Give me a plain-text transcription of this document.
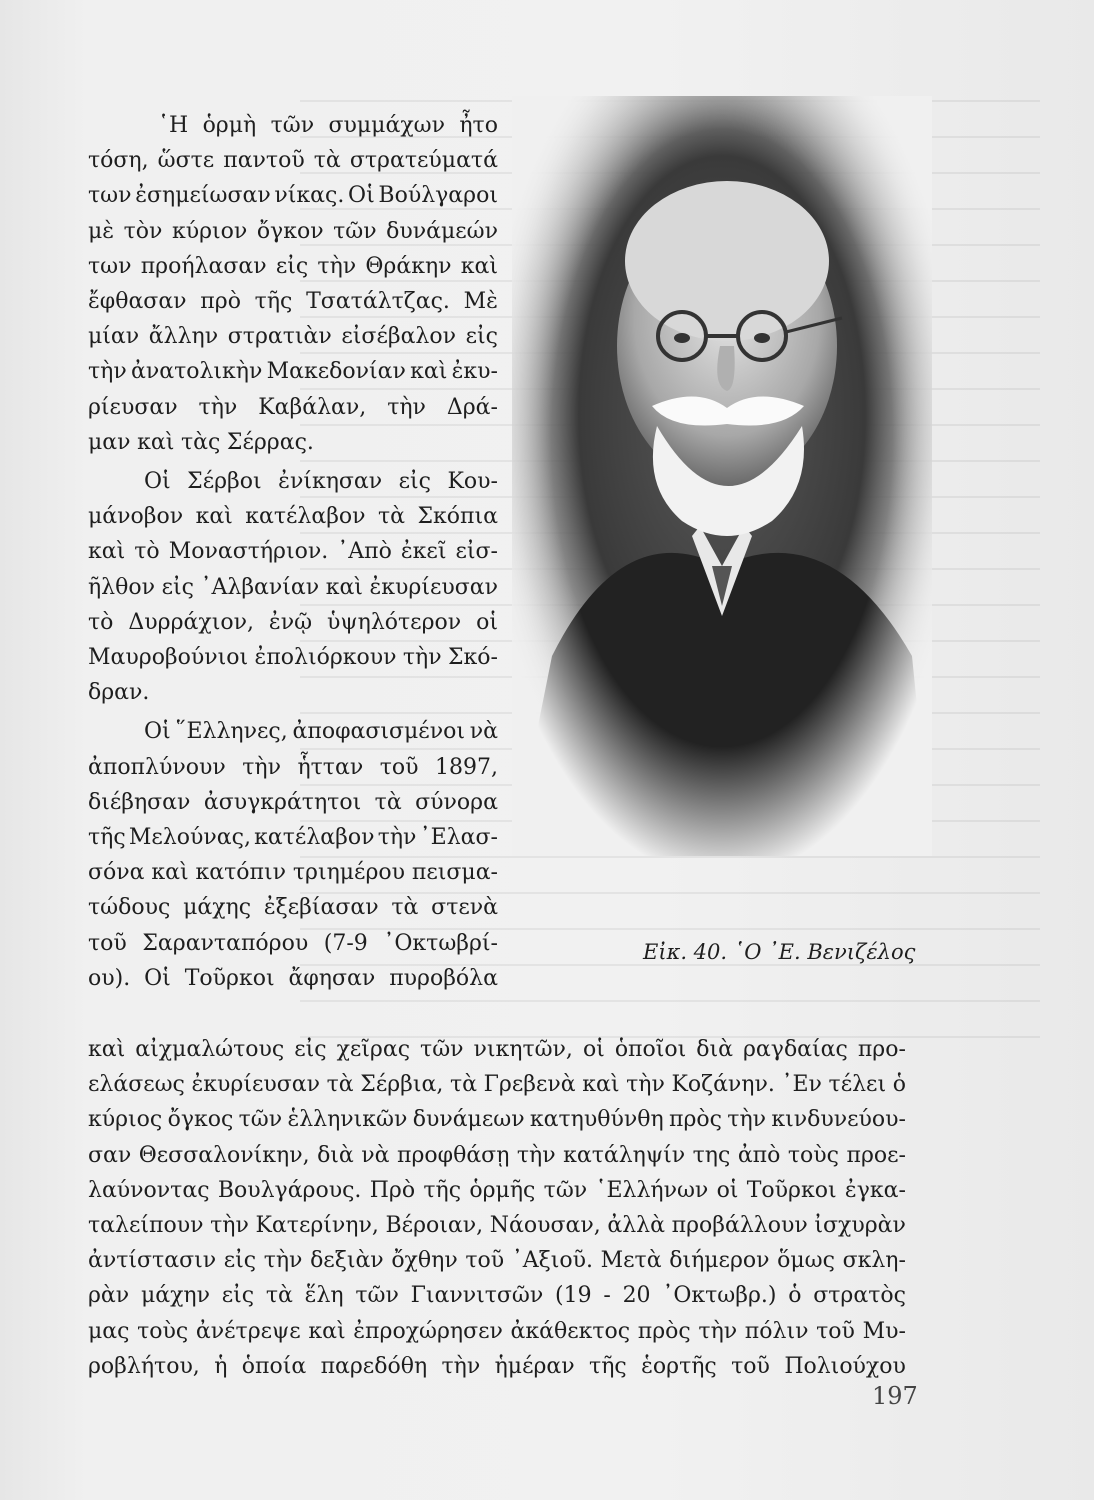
῾Η ὁρμὴ τῶν συμμάχων ἦτο
τόση, ὥστε παντοῦ τὰ στρατεύματά
των ἐσημείωσαν νίκας. Οἱ Βούλγαροι
μὲ τὸν κύριον ὄγκον τῶν δυνάμεών
των προήλασαν εἰς τὴν Θράκην καὶ
ἔφθασαν πρὸ τῆς Τσατάλτζας. Μὲ
μίαν ἄλλην στρατιὰν εἰσέβαλον εἰς
τὴν ἀνατολικὴν Μακεδονίαν καὶ ἐκυ-
ρίευσαν τὴν Καβάλαν, τὴν Δρά-
μαν καὶ τὰς Σέρρας.
Οἱ Σέρβοι ἐνίκησαν εἰς Κου-
μάνοβον καὶ κατέλαβον τὰ Σκόπια
καὶ τὸ Μοναστήριον. ᾿Απὸ ἐκεῖ εἰσ-
ῆλθον εἰς ᾿Αλβανίαν καὶ ἐκυρίευσαν
τὸ Δυρράχιον, ἐνῷ ὑψηλότερον οἱ
Μαυροβούνιοι ἐπολιόρκουν τὴν Σκό-
δραν.
Οἱ ῞Ελληνες, ἀποφασισμένοι νὰ
ἀποπλύνουν τὴν ἧτταν τοῦ 1897,
διέβησαν ἀσυγκράτητοι τὰ σύνορα
τῆς Μελούνας, κατέλαβον τὴν ᾿Ελασ-
σόνα καὶ κατόπιν τριημέρου πεισμα-
τώδους μάχης ἐξεβίασαν τὰ στενὰ
τοῦ Σαρανταπόρου (7-9 ᾿Οκτωβρί-
ου). Οἱ Τοῦρκοι ἄφησαν πυροβόλα
Εἰκ. 40. ῾Ο ᾿Ε. Βενιζέλος
καὶ αἰχμαλώτους εἰς χεῖρας τῶν νικητῶν, οἱ ὁποῖοι διὰ ραγδαίας προ-
ελάσεως ἐκυρίευσαν τὰ Σέρβια, τὰ Γρεβενὰ καὶ τὴν Κοζάνην. ᾿Εν τέλει ὁ
κύριος ὄγκος τῶν ἑλληνικῶν δυνάμεων κατηυθύνθη πρὸς τὴν κινδυνεύου-
σαν Θεσσαλονίκην, διὰ νὰ προφθάσῃ τὴν κατάληψίν της ἀπὸ τοὺς προε-
λαύνοντας Βουλγάρους. Πρὸ τῆς ὁρμῆς τῶν ῾Ελλήνων οἱ Τοῦρκοι ἐγκα-
ταλείπουν τὴν Κατερίνην, Βέροιαν, Νάουσαν, ἀλλὰ προβάλλουν ἰσχυρὰν
ἀντίστασιν εἰς τὴν δεξιὰν ὄχθην τοῦ ᾿Αξιοῦ. Μετὰ διήμερον ὅμως σκλη-
ρὰν μάχην εἰς τὰ ἕλη τῶν Γιαννιτσῶν (19 - 20 ᾿Οκτωβρ.) ὁ στρατὸς
μας τοὺς ἀνέτρεψε καὶ ἐπροχώρησεν ἀκάθεκτος πρὸς τὴν πόλιν τοῦ Μυ-
ροβλήτου, ἡ ὁποία παρεδόθη τὴν ἡμέραν τῆς ἑορτῆς τοῦ Πολιούχου
197
